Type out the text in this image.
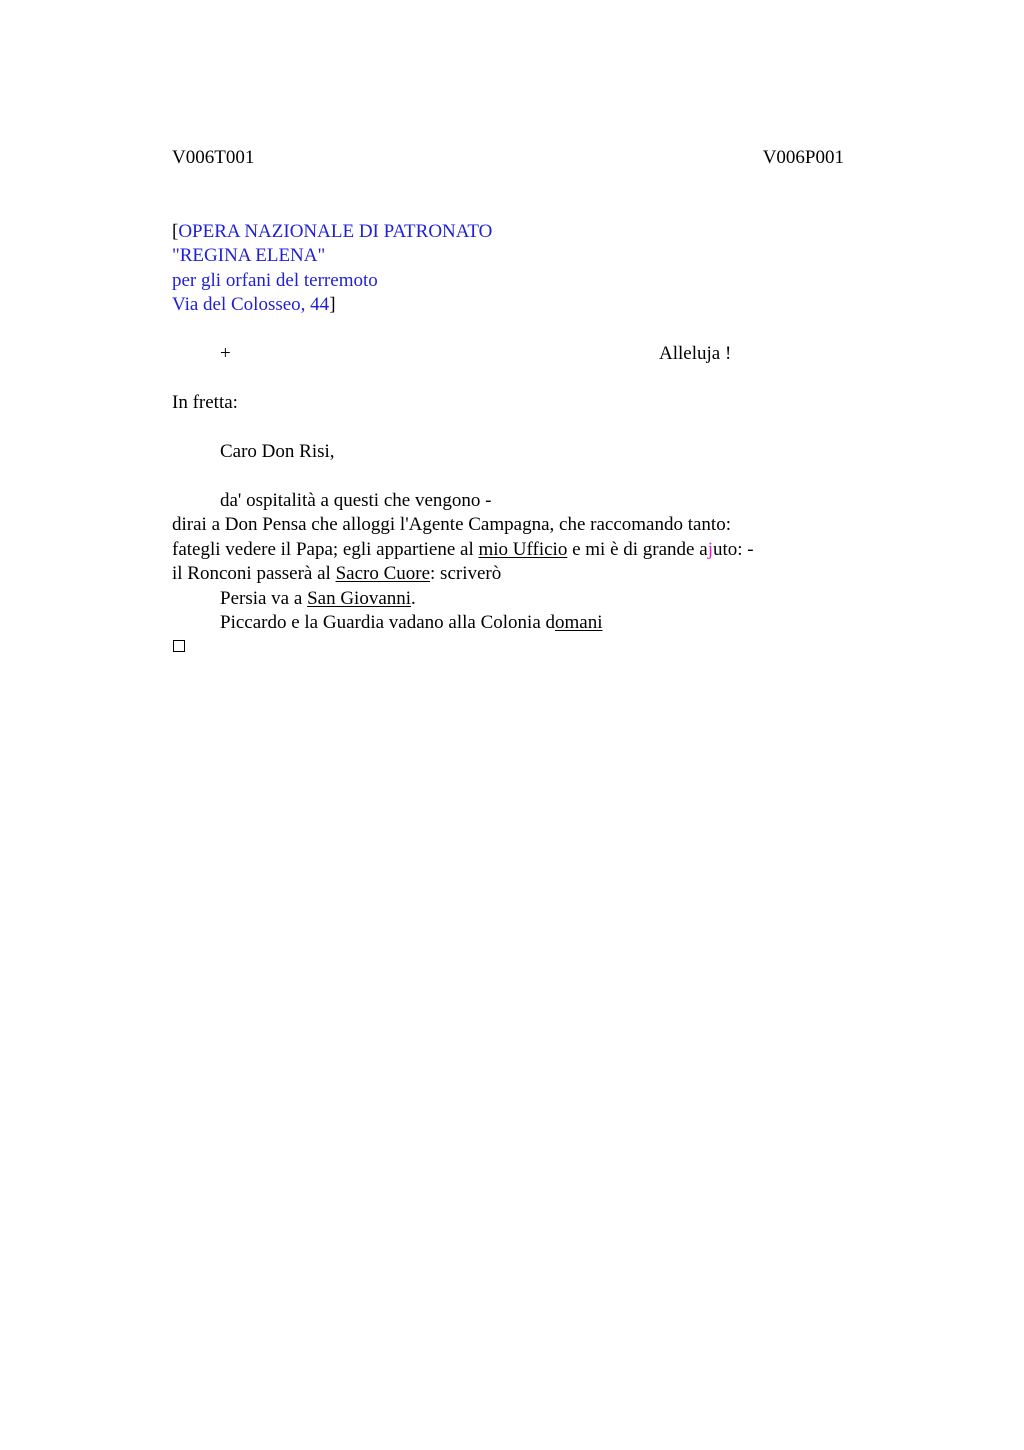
V006T001	V006P001
[OPERA NAZIONALE DI PATRONATO
"REGINA ELENA"
per gli orfani del terremoto
Via del Colosseo, 44]
+	Alleluja !
In fretta:
Caro Don Risi,
da' ospitalità a questi che vengono -
dirai a Don Pensa che alloggi l'Agente Campagna, che raccomando tanto:
fategli vedere il Papa; egli appartiene al mio Ufficio e mi è di grande ajuto: -
il Ronconi passerà al Sacro Cuore: scriverò
Persia va a San Giovanni.
Piccardo e la Guardia vadano alla Colonia domani
